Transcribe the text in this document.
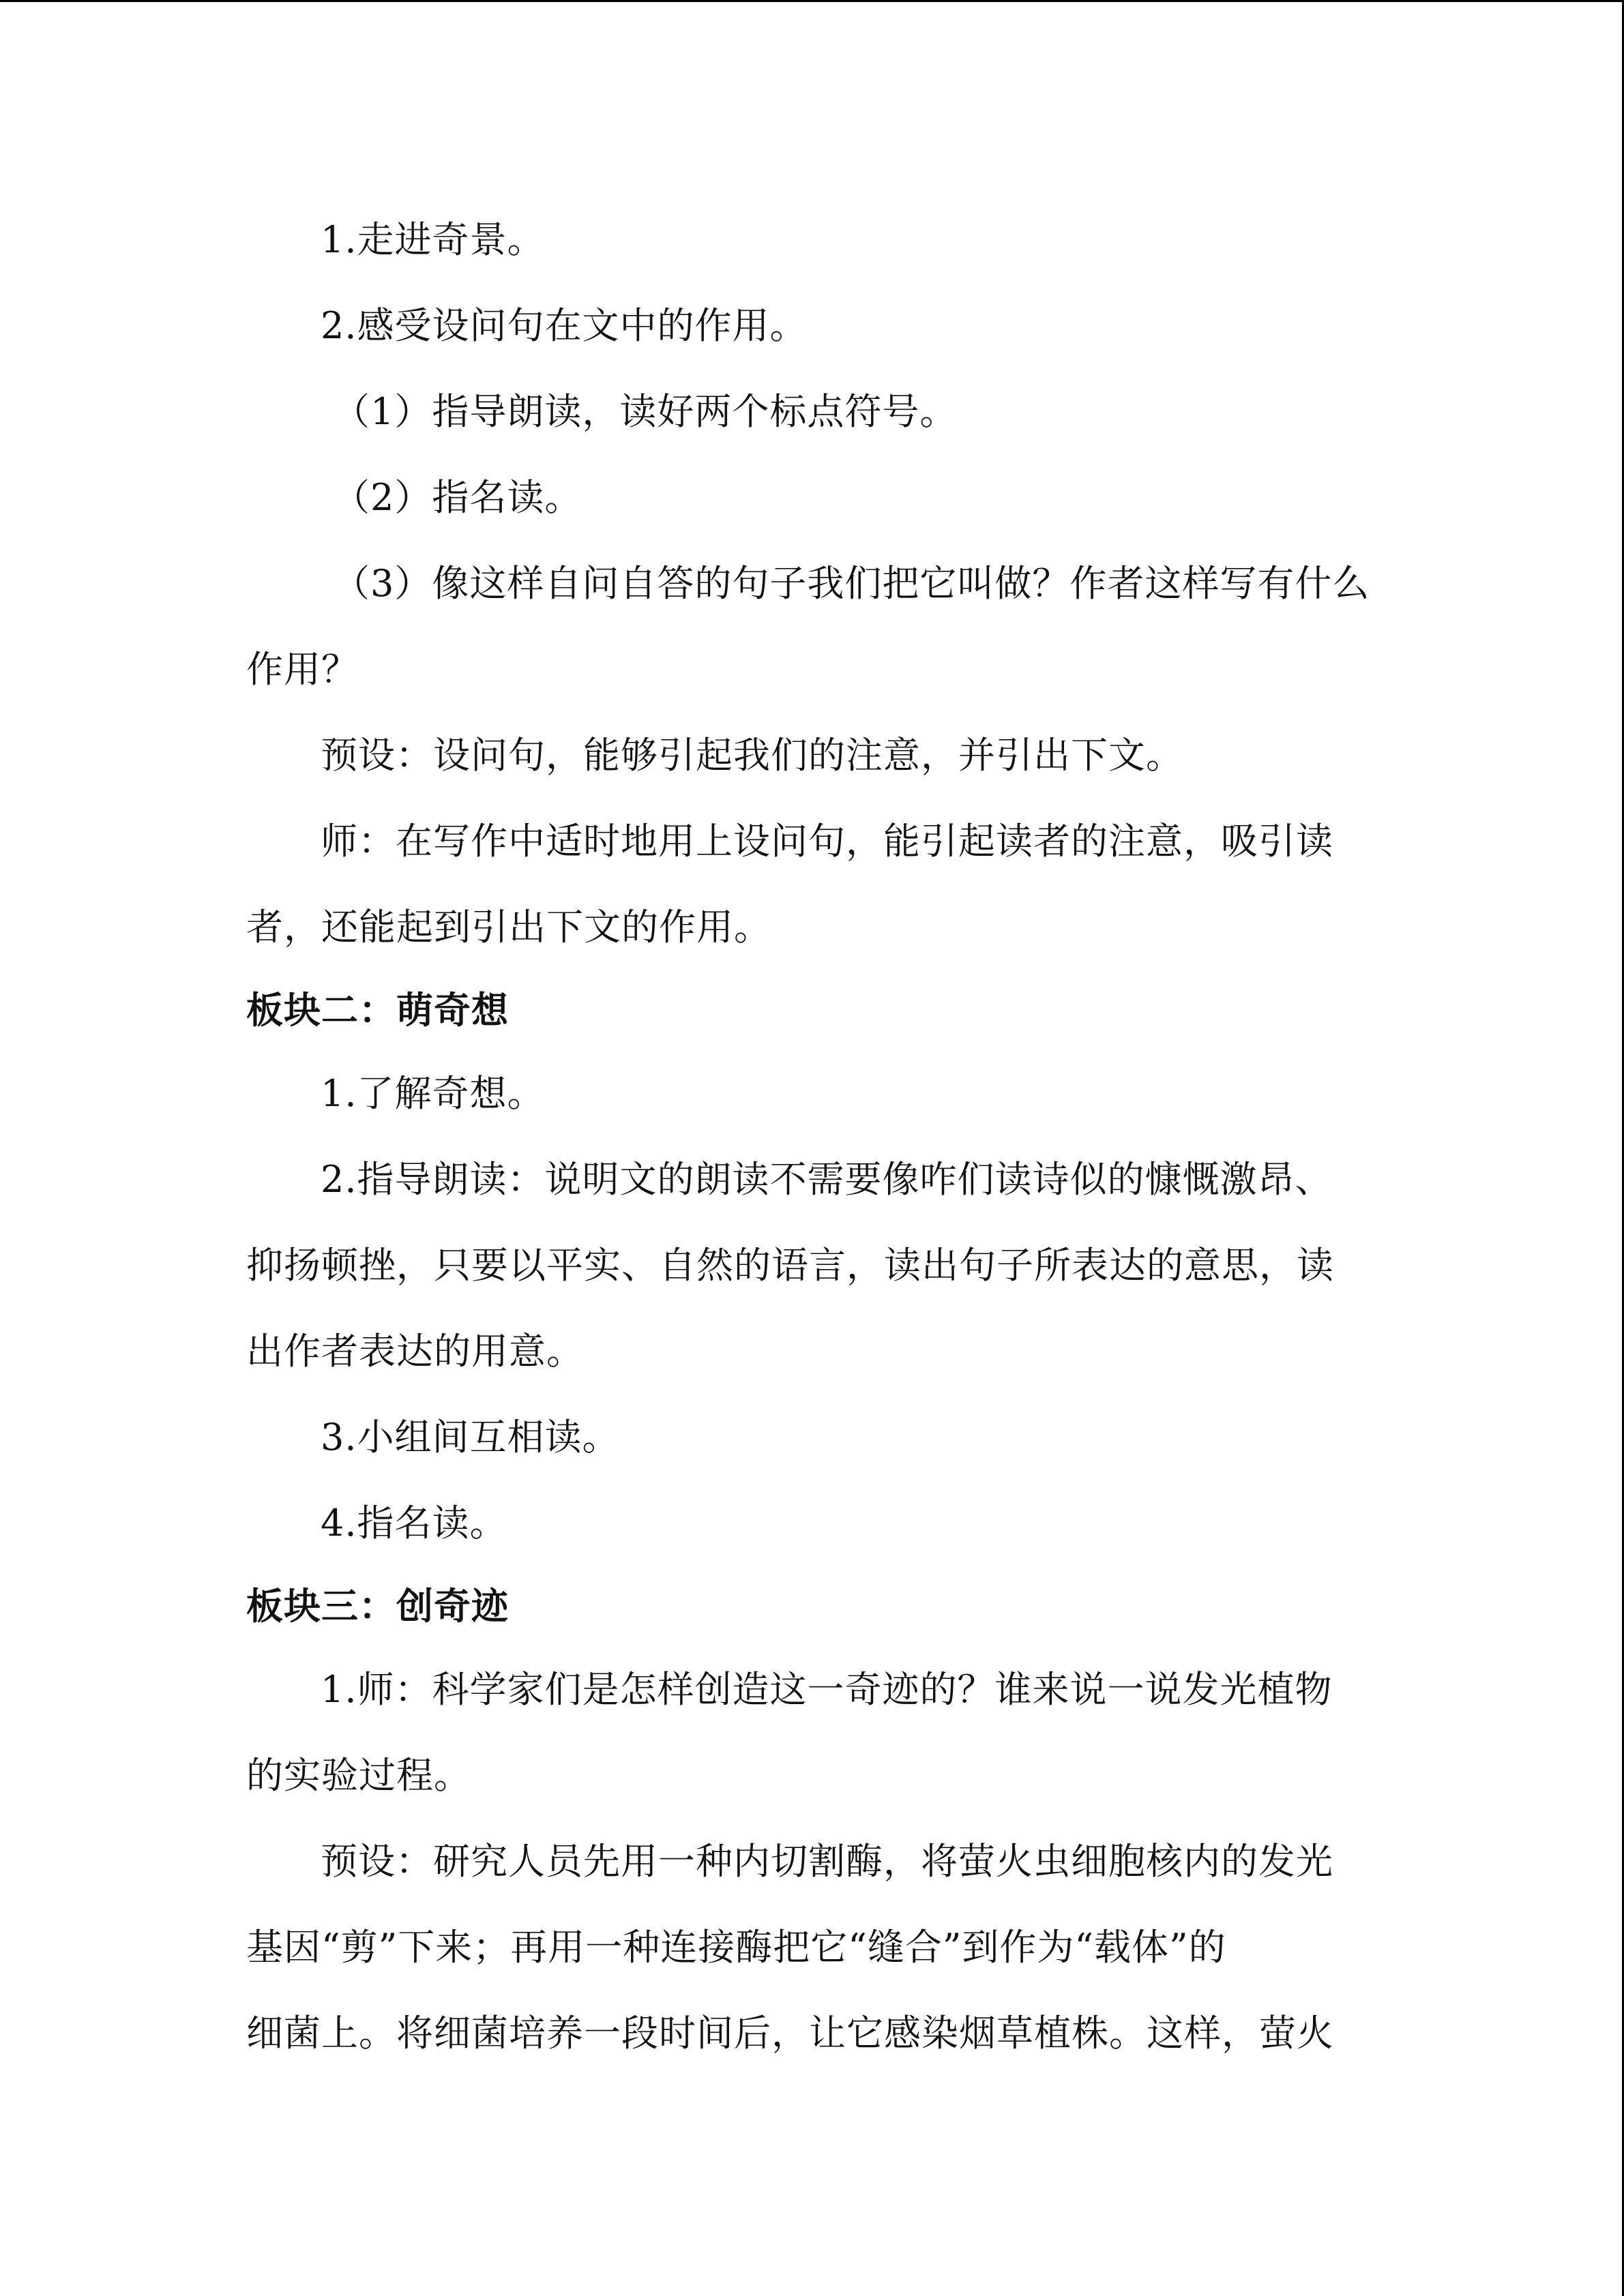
1.走进奇景。
2.感受设问句在文中的作用。
（1）指导朗读，读好两个标点符号。
（2）指名读。
（3）像这样自问自答的句子我们把它叫做？作者这样写有什么
作用？
预设：设问句，能够引起我们的注意，并引出下文。
师：在写作中适时地用上设问句，能引起读者的注意，吸引读
者，还能起到引出下文的作用。
板块二：萌奇想
1.了解奇想。
2.指导朗读：说明文的朗读不需要像咋们读诗似的慷慨激昂、
抑扬顿挫，只要以平实、自然的语言，读出句子所表达的意思，读
出作者表达的用意。
3.小组间互相读。
4.指名读。
板块三：创奇迹
1.师：科学家们是怎样创造这一奇迹的？谁来说一说发光植物
的实验过程。
预设：研究人员先用一种内切割酶，将萤火虫细胞核内的发光
基因“剪”下来；再用一种连接酶把它“缝合”到作为“载体”的
细菌上。将细菌培养一段时间后，让它感染烟草植株。这样，萤火
